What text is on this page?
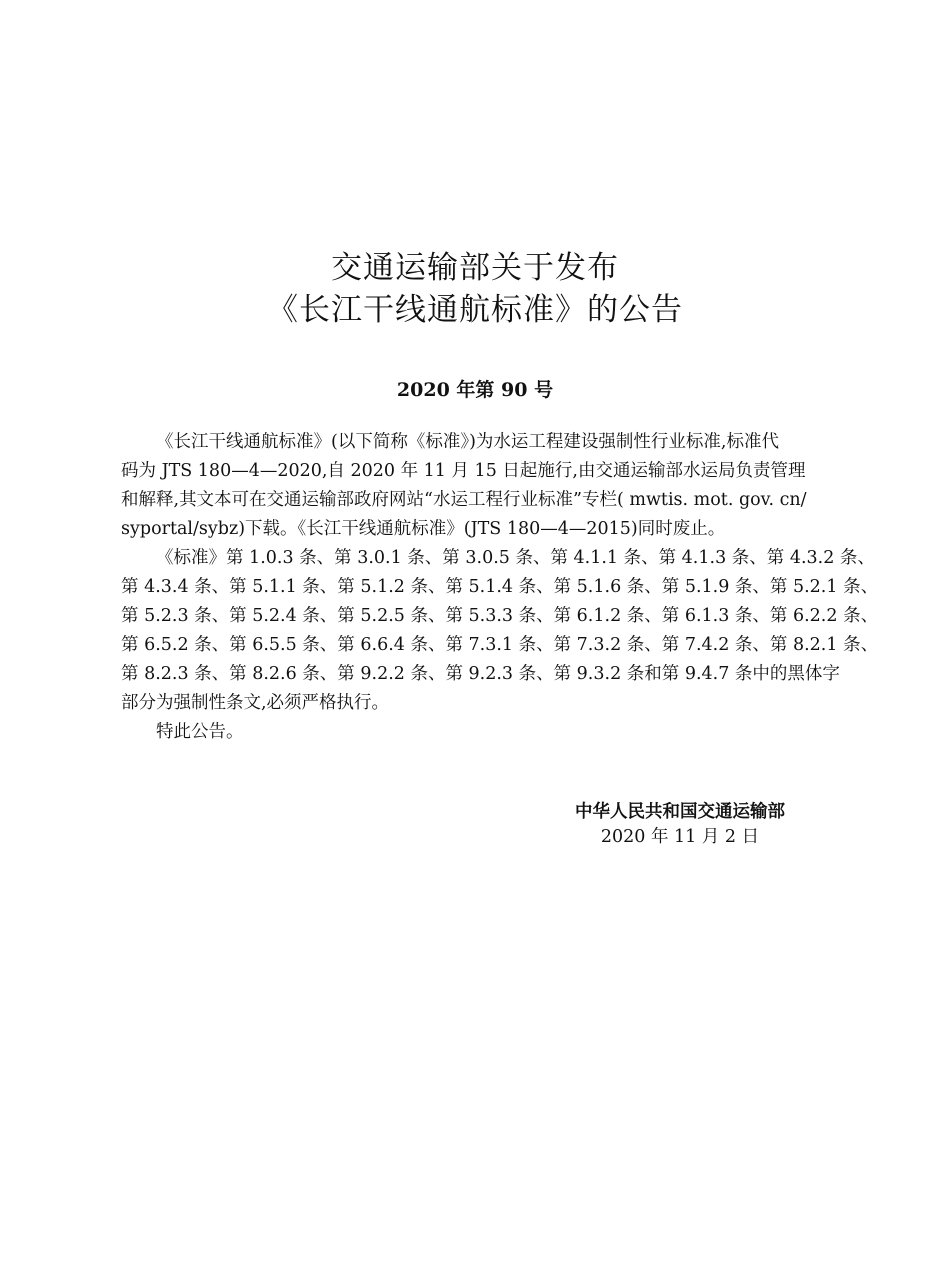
交通运输部关于发布
《长江干线通航标准》的公告
2020 年第 90 号

《长江干线通航标准》(以下简称《标准》)为水运工程建设强制性行业标准,标准代

码为 JTS 180—4—2020,自 2020 年 11 月 15 日起施行,由交通运输部水运局负责管理

和解释,其文本可在交通运输部政府网站“水运工程行业标准”专栏( mwtis. mot. gov. cn/

syportal/sybz)下载。《长江干线通航标准》(JTS 180—4—2015)同时废止。

《标准》第 1.0.3 条、第 3.0.1 条、第 3.0.5 条、第 4.1.1 条、第 4.1.3 条、第 4.3.2 条、

第 4.3.4 条、第 5.1.1 条、第 5.1.2 条、第 5.1.4 条、第 5.1.6 条、第 5.1.9 条、第 5.2.1 条、

第 5.2.3 条、第 5.2.4 条、第 5.2.5 条、第 5.3.3 条、第 6.1.2 条、第 6.1.3 条、第 6.2.2 条、

第 6.5.2 条、第 6.5.5 条、第 6.6.4 条、第 7.3.1 条、第 7.3.2 条、第 7.4.2 条、第 8.2.1 条、

第 8.2.3 条、第 8.2.6 条、第 9.2.2 条、第 9.2.3 条、第 9.3.2 条和第 9.4.7 条中的黑体字

部分为强制性条文,必须严格执行。

特此公告。

中华人民共和国交通运输部
2020 年 11 月 2 日
